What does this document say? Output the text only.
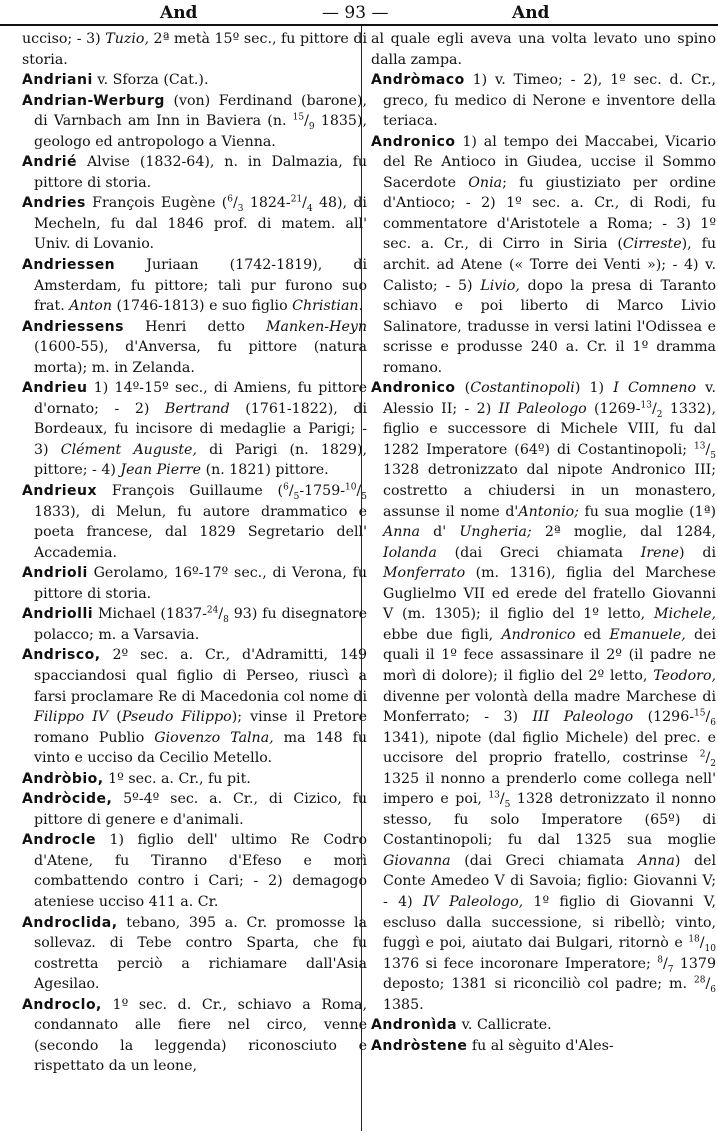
And	— 93 —	And

ucciso; - 3) Tuzio, 2ª metà 15º sec., fu pittore di storia.

Andriani v. Sforza (Cat.).

Andrian-Werburg (von) Ferdinand (barone), di Varnbach am Inn in Baviera (n. $^{15}/_9$ 1835), geologo ed antropologo a Vienna.

Andrié Alvise (1832-64), n. in Dalmazia, fu pittore di storia.

Andries François Eugène ($^6/_3$ $1824-^{21}/_4$ 48), di Mecheln, fu dal 1846 prof. di matem. all' Univ. di Lovanio.

Andriessen Juriaan (1742-1819), di Amsterdam, fu pittore; tali pur furono suo frat. Anton (1746-1813) e suo figlio Christian.

Andriessens Henri detto Manken-Heyn (1600-55), d'Anversa, fu pittore (natura morta); m. in Zelanda.

Andrieu 1) 14º-15º sec., di Amiens, fu pittore d'ornato; - 2) Bertrand (1761-1822), di Bordeaux, fu incisore di medaglie a Parigi; - 3) Clément Auguste, di Parigi (n. 1829), pittore; - 4) Jean Pierre (n. 1821) pittore.

Andrieux François Guillaume ($^6/_5-1759-^{10}/_5$ 1833), di Melun, fu autore drammatico e poeta francese, dal 1829 Segretario dell' Accademia.

Andrioli Gerolamo, 16º-17º sec., di Verona, fu pittore di storia.

Andriolli Michael ($1837-^{24}/_8$ 93) fu disegnatore polacco; m. a Varsavia.

Andrisco, 2º sec. a. Cr., d'Adramitti, 149 spacciandosi qual figlio di Perseo, riuscì a farsi proclamare Re di Macedonia col nome di Filippo IV (Pseudo Filippo); vinse il Pretore romano Publio Giovenzo Talna, ma 148 fu vinto e ucciso da Cecilio Metello.

Andròbio, 1º sec. a. Cr., fu pit.

Andròcide, 5º-4º sec. a. Cr., di Cizico, fu pittore di genere e d'animali.

Androcle 1) figlio dell' ultimo Re Codro d'Atene, fu Tiranno d'Efeso e morì combattendo contro i Cari; - 2) demagogo ateniese ucciso 411 a. Cr.

Androclida, tebano, 395 a. Cr. promosse la sollevaz. di Tebe contro Sparta, che fu costretta perciò a richiamare dall'Asia Agesilao.

Androclo, 1º sec. d. Cr., schiavo a Roma, condannato alle fiere nel circo, venne (secondo la leggenda) riconosciuto e rispettato da un leone,

al quale egli aveva una volta levato uno spino dalla zampa.

Andròmaco 1) v. Timeo; - 2), 1º sec. d. Cr., greco, fu medico di Nerone e inventore della teriaca.

Andronico 1) al tempo dei Maccabei, Vicario del Re Antioco in Giudea, uccise il Sommo Sacerdote Onia; fu giustiziato per ordine d'Antioco; - 2) 1º sec. a. Cr., di Rodi, fu commentatore d'Aristotele a Roma; - 3) 1º sec. a. Cr., di Cirro in Siria (Cirreste), fu archit. ad Atene (« Torre dei Venti »); - 4) v. Calisto; - 5) Livio, dopo la presa di Taranto schiavo e poi liberto di Marco Livio Salinatore, tradusse in versi latini l'Odissea e scrisse e produsse 240 a. Cr. il 1º dramma romano.

Andronico (Costantinopoli) 1) I Comneno v. Alessio II; - 2) II Paleologo ($1269-^{13}/_2$ 1332), figlio e successore di Michele VIII, fu dal 1282 Imperatore (64º) di Costantinopoli; $^{13}/_5$ 1328 detronizzato dal nipote Andronico III; costretto a chiudersi in un monastero, assunse il nome d'Antonio; fu sua moglie (1ª) Anna d' Ungheria; 2ª moglie, dal 1284, Iolanda (dai Greci chiamata Irene) di Monferrato (m. 1316), figlia del Marchese Guglielmo VII ed erede del fratello Giovanni V (m. 1305); il figlio del 1º letto, Michele, ebbe due figli, Andronico ed Emanuele, dei quali il 1º fece assassinare il 2º (il padre ne morì di dolore); il figlio del 2º letto, Teodoro, divenne per volontà della madre Marchese di Monferrato; - 3) III Paleologo ($1296-^{15}/_6$ 1341), nipote (dal figlio Michele) del prec. e uccisore del proprio fratello, costrinse $^2/_2$ 1325 il nonno a prenderlo come collega nell' impero e poi, $^{13}/_5$ 1328 detronizzato il nonno stesso, fu solo Imperatore (65º) di Costantinopoli; fu dal 1325 sua moglie Giovanna (dai Greci chiamata Anna) del Conte Amedeo V di Savoia; figlio: Giovanni V; - 4) IV Paleologo, 1º figlio di Giovanni V, escluso dalla successione, si ribellò; vinto, fuggì e poi, aiutato dai Bulgari, ritornò e $^{18}/_{10}$ 1376 si fece incoronare Imperatore; $^8/_7$ 1379 deposto; 1381 si riconciliò col padre; m. $^{28}/_6$ 1385.

Andronìda v. Callicrate.

Andròstene fu al sèguito d'Ales-
